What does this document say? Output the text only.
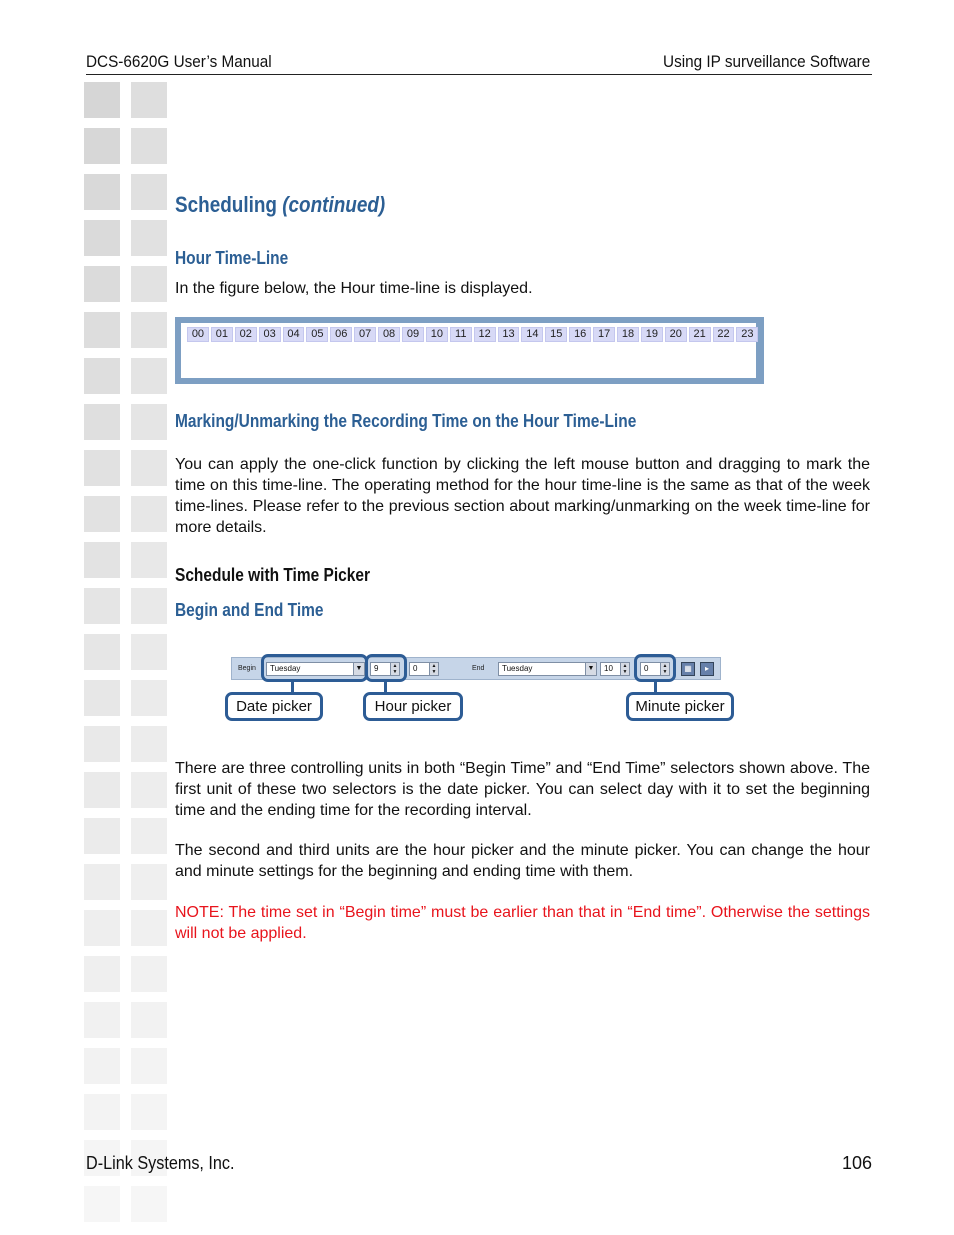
DCS-6620G User’s Manual	Using IP surveillance Software
Scheduling (continued)
Hour Time-Line
In the figure below, the Hour time-line is displayed.
00	01	02	03	04	05	06	07	08	09	10	11	12	13	14	15	16	17	18	19	20	21	22	23
Marking/Unmarking the Recording Time on the Hour Time-Line
You can apply the one-click function by clicking the left mouse button and dragging to mark the time on this time-line. The operating method for the hour time-line is the same as that of the week time-lines. Please refer to the previous section about marking/unmarking on the week time-line for more details.
Schedule with Time Picker
Begin and End Time
Begin	Tuesday	▼	9	▲
▼	0	▲
▼	End	Tuesday	▼	10	▲
▼	0	▲
▼	▦	▸
Date picker	Hour picker	Minute picker
There are three controlling units in both “Begin Time” and “End Time” selectors shown above. The first unit of these two selectors is the date picker. You can select day with it to set the beginning time and the ending time for the recording interval.
The second and third units are the hour picker and the minute picker. You can change the hour and minute settings for the beginning and ending time with them.
NOTE: The time set in “Begin time” must be earlier than that in “End time”. Otherwise the settings will not be applied.
D-Link Systems, Inc.	106
